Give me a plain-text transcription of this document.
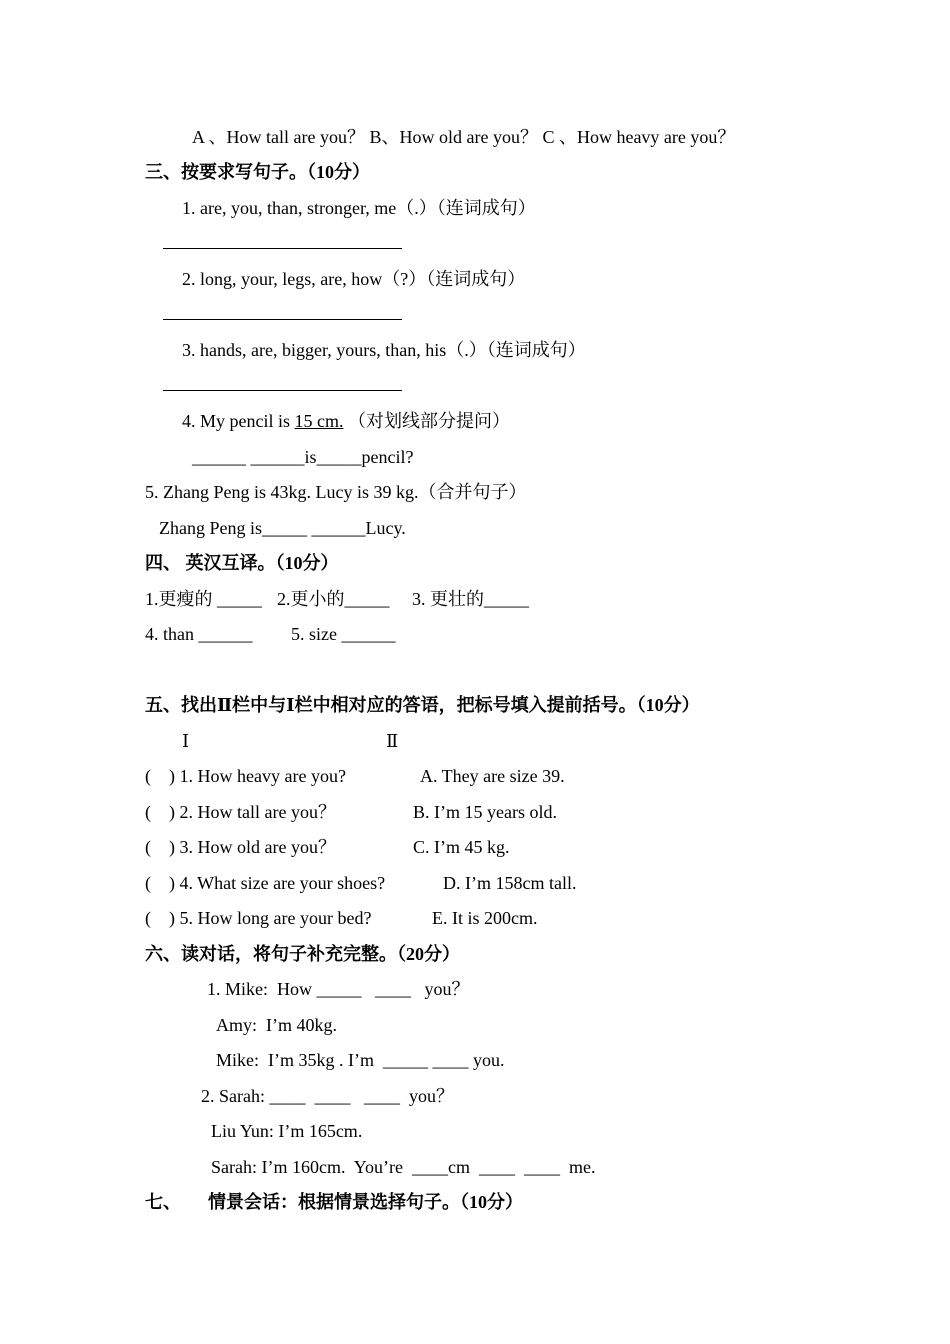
A 、How tall are you？ B、How old are you？ C 、How heavy are you？
三、按要求写句子。（10分）
1. are, you, than, stronger, me（.）（连词成句）
2. long, your, legs, are, how（?）（连词成句）
3. hands, are, bigger, yours, than, his（.）（连词成句）
4. My pencil is 15 cm. （对划线部分提问）
______ ______is_____pencil?
5. Zhang Peng is 43kg. Lucy is 39 kg.（合并句子）
Zhang Peng is_____ ______Lucy.
四、 英汉互译。（10分）
1.更瘦的 _____ 2.更小的_____ 3. 更壮的_____
4. than ______ 5. size ______
五、找出Ⅱ栏中与Ⅰ栏中相对应的答语，把标号填入提前括号。（10分）
Ⅰ	Ⅱ
(    ) 1. How heavy are you?	A. They are size 39.
(    ) 2. How tall are you？	B. I’m 15 years old.
(    ) 3. How old are you？	C. I’m 45 kg.
(    ) 4. What size are your shoes?	D. I’m 158cm tall.
(    ) 5. How long are your bed?	E. It is 200cm.
六、读对话，将句子补充完整。（20分）
1. Mike:  How _____   ____   you？
Amy:  I’m 40kg.
Mike:  I’m 35kg . I’m  _____ ____ you.
2. Sarah: ____  ____   ____  you？
Liu Yun: I’m 165cm.
Sarah: I’m 160cm.  You’re  ____cm  ____  ____  me.
七、      情景会话：根据情景选择句子。（10分）
